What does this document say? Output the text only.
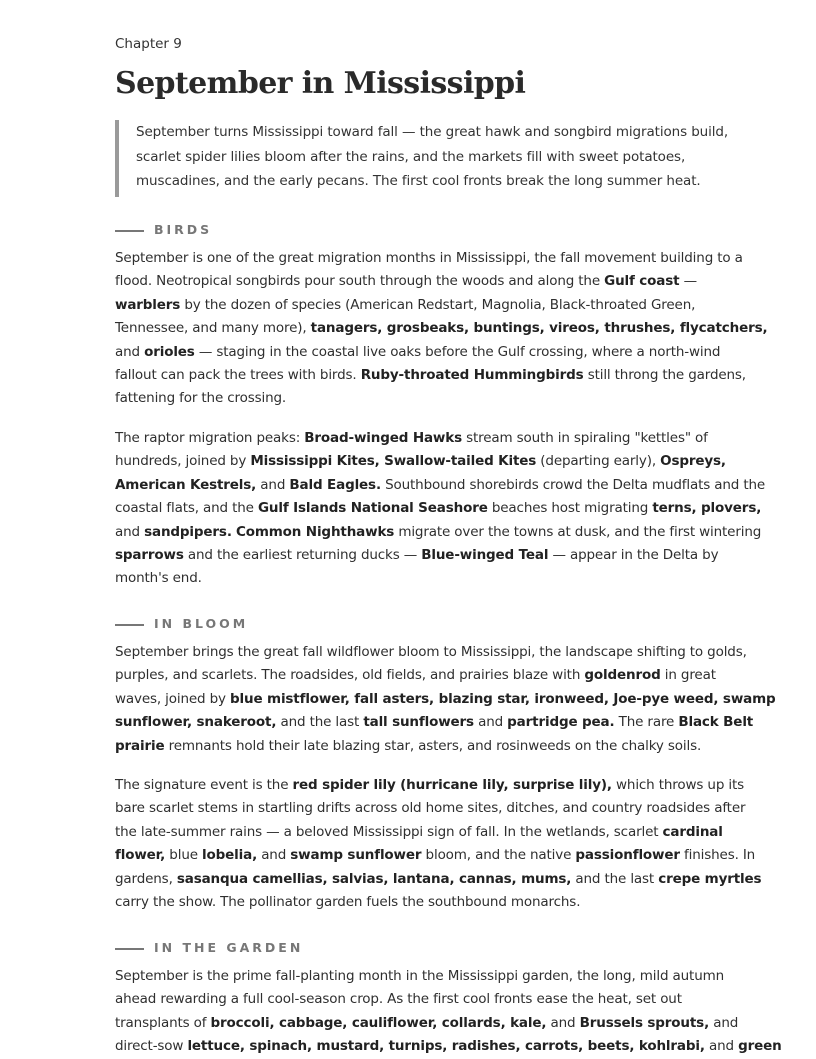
Chapter 9
September in Mississippi
September turns Mississippi toward fall — the great hawk and songbird migrations build,
scarlet spider lilies bloom after the rains, and the markets fill with sweet potatoes,
muscadines, and the early pecans. The first cool fronts break the long summer heat.
BIRDS
September is one of the great migration months in Mississippi, the fall movement building to a
flood. Neotropical songbirds pour south through the woods and along the Gulf coast —
warblers by the dozen of species (American Redstart, Magnolia, Black-throated Green,
Tennessee, and many more), tanagers, grosbeaks, buntings, vireos, thrushes, flycatchers,
and orioles — staging in the coastal live oaks before the Gulf crossing, where a north-wind
fallout can pack the trees with birds. Ruby-throated Hummingbirds still throng the gardens,
fattening for the crossing.
The raptor migration peaks: Broad-winged Hawks stream south in spiraling "kettles" of
hundreds, joined by Mississippi Kites, Swallow-tailed Kites (departing early), Ospreys,
American Kestrels, and Bald Eagles. Southbound shorebirds crowd the Delta mudflats and the
coastal flats, and the Gulf Islands National Seashore beaches host migrating terns, plovers,
and sandpipers. Common Nighthawks migrate over the towns at dusk, and the first wintering
sparrows and the earliest returning ducks — Blue-winged Teal — appear in the Delta by
month's end.
IN BLOOM
September brings the great fall wildflower bloom to Mississippi, the landscape shifting to golds,
purples, and scarlets. The roadsides, old fields, and prairies blaze with goldenrod in great
waves, joined by blue mistflower, fall asters, blazing star, ironweed, Joe-pye weed, swamp
sunflower, snakeroot, and the last tall sunflowers and partridge pea. The rare Black Belt
prairie remnants hold their late blazing star, asters, and rosinweeds on the chalky soils.
The signature event is the red spider lily (hurricane lily, surprise lily), which throws up its
bare scarlet stems in startling drifts across old home sites, ditches, and country roadsides after
the late-summer rains — a beloved Mississippi sign of fall. In the wetlands, scarlet cardinal
flower, blue lobelia, and swamp sunflower bloom, and the native passionflower finishes. In
gardens, sasanqua camellias, salvias, lantana, cannas, mums, and the last crepe myrtles
carry the show. The pollinator garden fuels the southbound monarchs.
IN THE GARDEN
September is the prime fall-planting month in the Mississippi garden, the long, mild autumn
ahead rewarding a full cool-season crop. As the first cool fronts ease the heat, set out
transplants of broccoli, cabbage, cauliflower, collards, kale, and Brussels sprouts, and
direct-sow lettuce, spinach, mustard, turnips, radishes, carrots, beets, kohlrabi, and green
